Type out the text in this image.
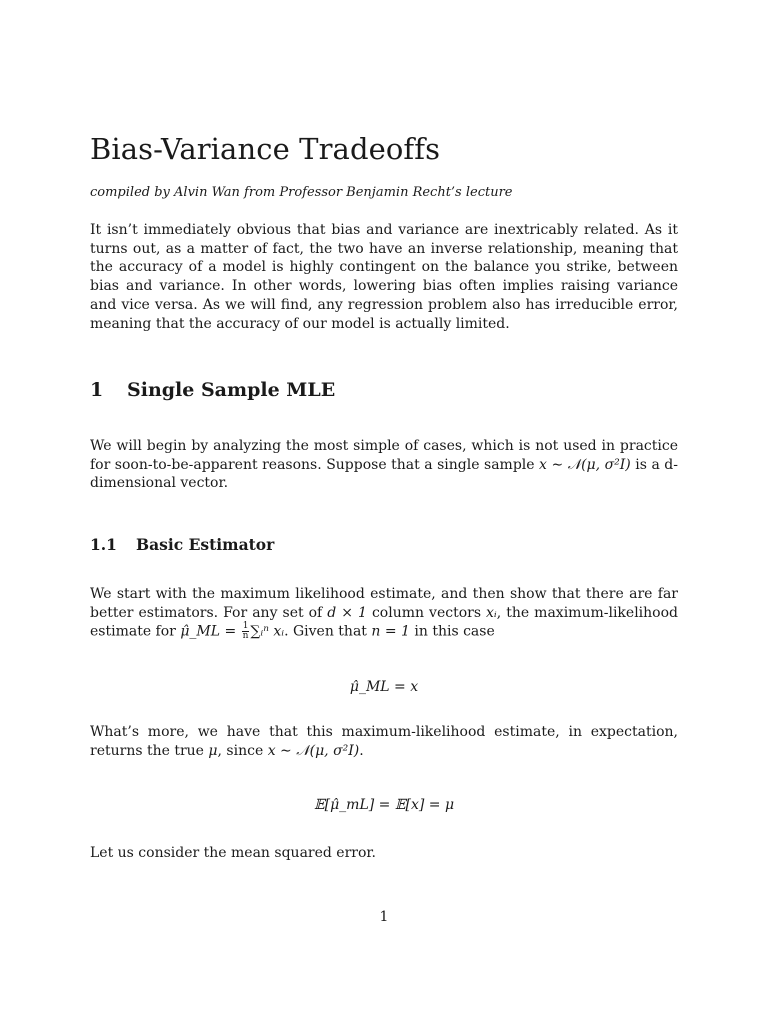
Bias-Variance Tradeoffs

compiled by Alvin Wan from Professor Benjamin Recht’s lecture

It isn’t immediately obvious that bias and variance are inextricably related. As it turns out, as a matter of fact, the two have an inverse relationship, meaning that the accuracy of a model is highly contingent on the balance you strike, between bias and variance. In other words, lowering bias often implies raising variance and vice versa. As we will find, any regression problem also has irreducible error, meaning that the accuracy of our model is actually limited.

1 Single Sample MLE

We will begin by analyzing the most simple of cases, which is not used in practice for soon-to-be-apparent reasons. Suppose that a single sample x ∼ 𝒩(μ, σ²I) is a d-dimensional vector.

1.1 Basic Estimator

We start with the maximum likelihood estimate, and then show that there are far better estimators. For any set of d × 1 column vectors xᵢ, the maximum-likelihood estimate for μ̂_ML = $\frac{1}{n}$ ∑ᵢⁿ xᵢ. Given that n = 1 in this case

μ̂_ML = x

What’s more, we have that this maximum-likelihood estimate, in expectation, returns the true μ, since x ∼ 𝒩(μ, σ²I).

𝔼[μ̂_mL] = 𝔼[x] = μ

Let us consider the mean squared error.

1
